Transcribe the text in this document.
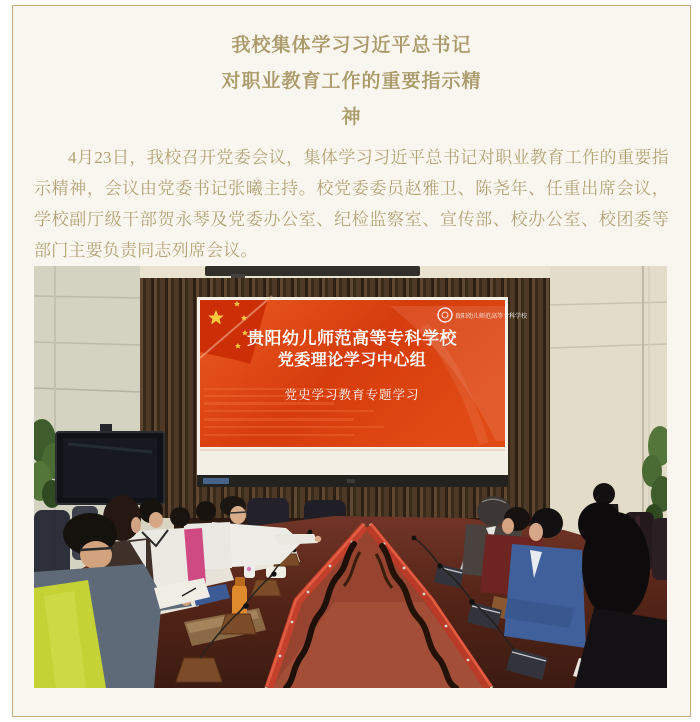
我校集体学习习近平总书记
对职业教育工作的重要指示精
神

4月23日，我校召开党委会议，集体学习习近平总书记对职业教育工作的重要指示精神，会议由党委书记张曦主持。校党委委员赵雅卫、陈尧年、任重出席会议，学校副厅级干部贺永琴及党委办公室、纪检监察室、宣传部、校办公室、校团委等部门主要负责同志列席会议。

贵阳幼儿师范高等专科学校
贵阳幼儿师范高等专科学校
党委理论学习中心组
党史学习教育专题学习
